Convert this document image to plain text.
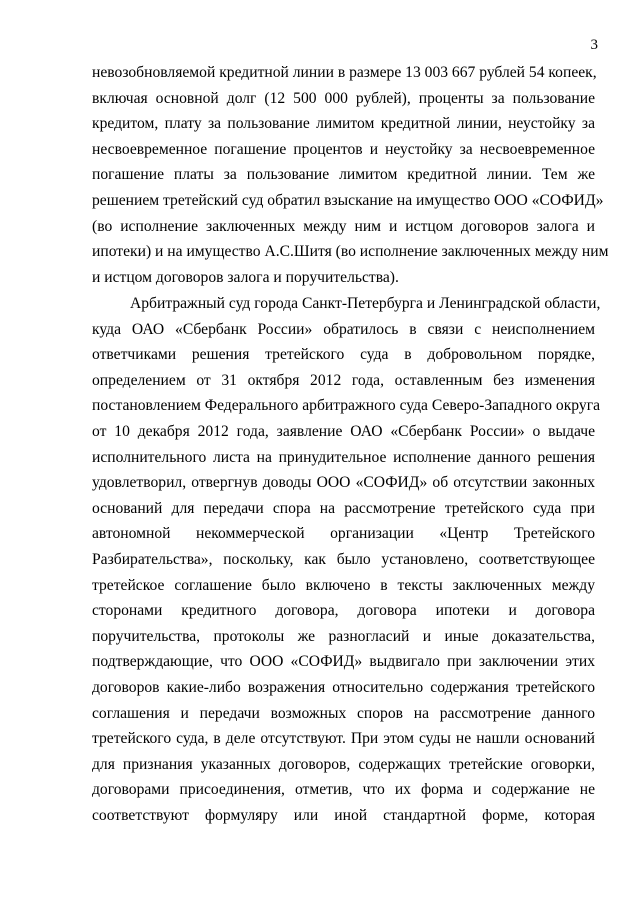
3
невозобновляемой кредитной линии в размере 13 003 667 рублей 54 копеек,
включая основной долг (12 500 000 рублей), проценты за пользование
кредитом, плату за пользование лимитом кредитной линии, неустойку за
несвоевременное погашение процентов и неустойку за несвоевременное
погашение платы за пользование лимитом кредитной линии. Тем же
решением третейский суд обратил взыскание на имущество ООО «СОФИД»
(во исполнение заключенных между ним и истцом договоров залога и
ипотеки) и на имущество А.С.Шитя (во исполнение заключенных между ним
и истцом договоров залога и поручительства).
Арбитражный суд города Санкт-Петербурга и Ленинградской области,
куда ОАО «Сбербанк России» обратилось в связи с неисполнением
ответчиками решения третейского суда в добровольном порядке,
определением от 31 октября 2012 года, оставленным без изменения
постановлением Федерального арбитражного суда Северо-Западного округа
от 10 декабря 2012 года, заявление ОАО «Сбербанк России» о выдаче
исполнительного листа на принудительное исполнение данного решения
удовлетворил, отвергнув доводы ООО «СОФИД» об отсутствии законных
оснований для передачи спора на рассмотрение третейского суда при
автономной некоммерческой организации «Центр Третейского
Разбирательства», поскольку, как было установлено, соответствующее
третейское соглашение было включено в тексты заключенных между
сторонами кредитного договора, договора ипотеки и договора
поручительства, протоколы же разногласий и иные доказательства,
подтверждающие, что ООО «СОФИД» выдвигало при заключении этих
договоров какие-либо возражения относительно содержания третейского
соглашения и передачи возможных споров на рассмотрение данного
третейского суда, в деле отсутствуют. При этом суды не нашли оснований
для признания указанных договоров, содержащих третейские оговорки,
договорами присоединения, отметив, что их форма и содержание не
соответствуют формуляру или иной стандартной форме, которая
